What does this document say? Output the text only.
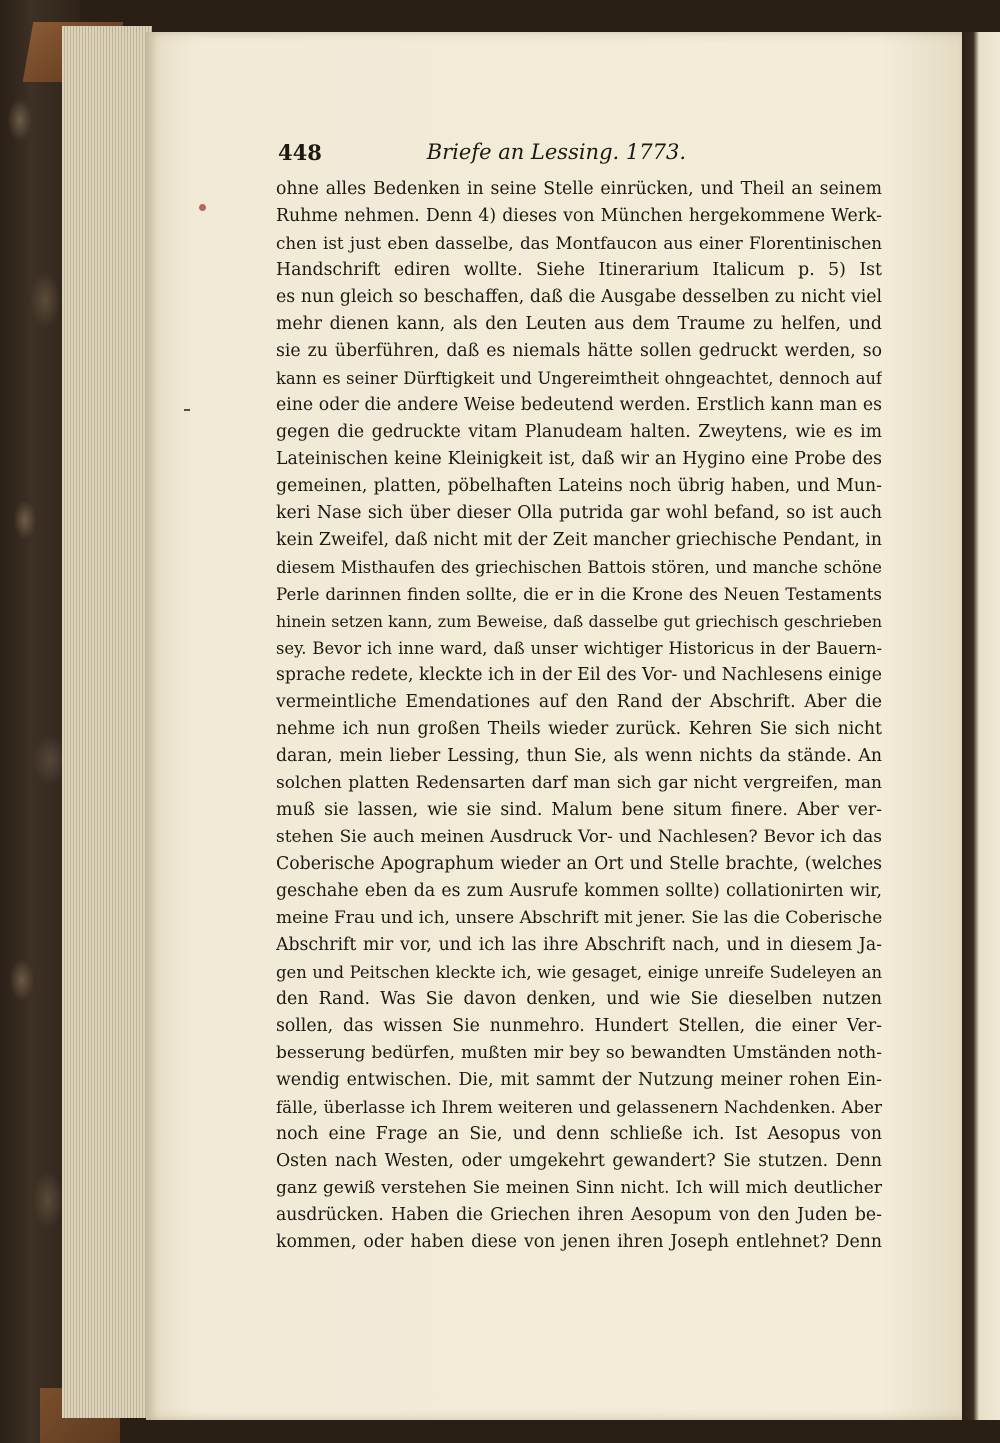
448	Briefe an Lessing. 1773.
ohne alles Bedenken in seine Stelle einrücken, und Theil an seinem
Ruhme nehmen. Denn 4) dieses von München hergekommene Werk-
chen ist just eben dasselbe, das Montfaucon aus einer Florentinischen
Handschrift ediren wollte. Siehe Itinerarium Italicum p. 5) Ist
es nun gleich so beschaffen, daß die Ausgabe desselben zu nicht viel
mehr dienen kann, als den Leuten aus dem Traume zu helfen, und
sie zu überführen, daß es niemals hätte sollen gedruckt werden, so
kann es seiner Dürftigkeit und Ungereimtheit ohngeachtet, dennoch auf
eine oder die andere Weise bedeutend werden. Erstlich kann man es
gegen die gedruckte vitam Planudeam halten. Zweytens, wie es im
Lateinischen keine Kleinigkeit ist, daß wir an Hygino eine Probe des
gemeinen, platten, pöbelhaften Lateins noch übrig haben, und Mun-
keri Nase sich über dieser Olla putrida gar wohl befand, so ist auch
kein Zweifel, daß nicht mit der Zeit mancher griechische Pendant, in
diesem Misthaufen des griechischen Battois stören, und manche schöne
Perle darinnen finden sollte, die er in die Krone des Neuen Testaments
hinein setzen kann, zum Beweise, daß dasselbe gut griechisch geschrieben
sey. Bevor ich inne ward, daß unser wichtiger Historicus in der Bauern-
sprache redete, kleckte ich in der Eil des Vor- und Nachlesens einige
vermeintliche Emendationes auf den Rand der Abschrift. Aber die
nehme ich nun großen Theils wieder zurück. Kehren Sie sich nicht
daran, mein lieber Lessing, thun Sie, als wenn nichts da stände. An
solchen platten Redensarten darf man sich gar nicht vergreifen, man
muß sie lassen, wie sie sind. Malum bene situm finere. Aber ver-
stehen Sie auch meinen Ausdruck Vor- und Nachlesen? Bevor ich das
Coberische Apographum wieder an Ort und Stelle brachte, (welches
geschahe eben da es zum Ausrufe kommen sollte) collationirten wir,
meine Frau und ich, unsere Abschrift mit jener. Sie las die Coberische
Abschrift mir vor, und ich las ihre Abschrift nach, und in diesem Ja-
gen und Peitschen kleckte ich, wie gesaget, einige unreife Sudeleyen an
den Rand. Was Sie davon denken, und wie Sie dieselben nutzen
sollen, das wissen Sie nunmehro. Hundert Stellen, die einer Ver-
besserung bedürfen, mußten mir bey so bewandten Umständen noth-
wendig entwischen. Die, mit sammt der Nutzung meiner rohen Ein-
fälle, überlasse ich Ihrem weiteren und gelassenern Nachdenken. Aber
noch eine Frage an Sie, und denn schließe ich. Ist Aesopus von
Osten nach Westen, oder umgekehrt gewandert? Sie stutzen. Denn
ganz gewiß verstehen Sie meinen Sinn nicht. Ich will mich deutlicher
ausdrücken. Haben die Griechen ihren Aesopum von den Juden be-
kommen, oder haben diese von jenen ihren Joseph entlehnet? Denn
